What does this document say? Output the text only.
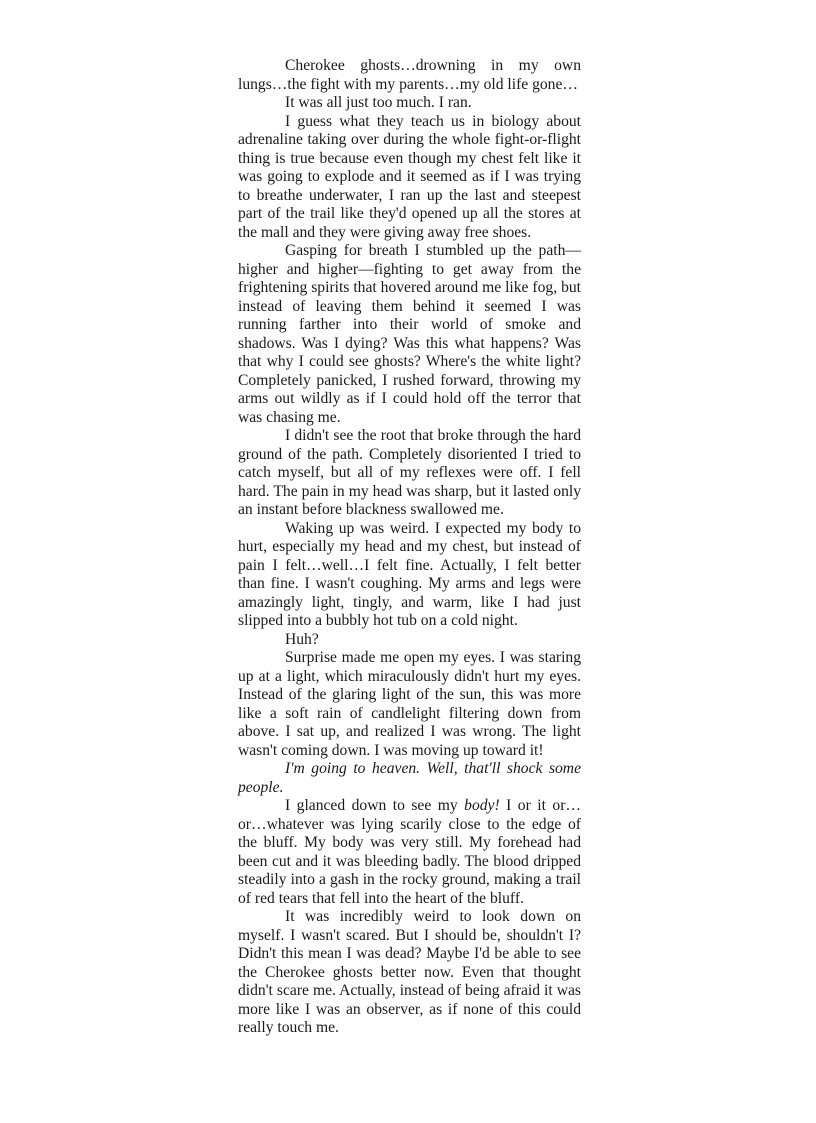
Cherokee ghosts…drowning in my own lungs…the fight with my parents…my old life gone…

It was all just too much. I ran.

I guess what they teach us in biology about adrenaline taking over during the whole fight-or-flight thing is true because even though my chest felt like it was going to explode and it seemed as if I was trying to breathe underwater, I ran up the last and steepest part of the trail like they'd opened up all the stores at the mall and they were giving away free shoes.

Gasping for breath I stumbled up the path—higher and higher—fighting to get away from the frightening spirits that hovered around me like fog, but instead of leaving them behind it seemed I was running farther into their world of smoke and shadows. Was I dying? Was this what happens? Was that why I could see ghosts? Where's the white light? Completely panicked, I rushed forward, throwing my arms out wildly as if I could hold off the terror that was chasing me.

I didn't see the root that broke through the hard ground of the path. Completely disoriented I tried to catch myself, but all of my reflexes were off. I fell hard. The pain in my head was sharp, but it lasted only an instant before blackness swallowed me.

Waking up was weird. I expected my body to hurt, especially my head and my chest, but instead of pain I felt…well…I felt fine. Actually, I felt better than fine. I wasn't coughing. My arms and legs were amazingly light, tingly, and warm, like I had just slipped into a bubbly hot tub on a cold night.

Huh?

Surprise made me open my eyes. I was staring up at a light, which miraculously didn't hurt my eyes. Instead of the glaring light of the sun, this was more like a soft rain of candlelight filtering down from above. I sat up, and realized I was wrong. The light wasn't coming down. I was moving up toward it!

I'm going to heaven. Well, that'll shock some people.

I glanced down to see my body! I or it or…or…whatever was lying scarily close to the edge of the bluff. My body was very still. My forehead had been cut and it was bleeding badly. The blood dripped steadily into a gash in the rocky ground, making a trail of red tears that fell into the heart of the bluff.

It was incredibly weird to look down on myself. I wasn't scared. But I should be, shouldn't I? Didn't this mean I was dead? Maybe I'd be able to see the Cherokee ghosts better now. Even that thought didn't scare me. Actually, instead of being afraid it was more like I was an observer, as if none of this could really touch me.
